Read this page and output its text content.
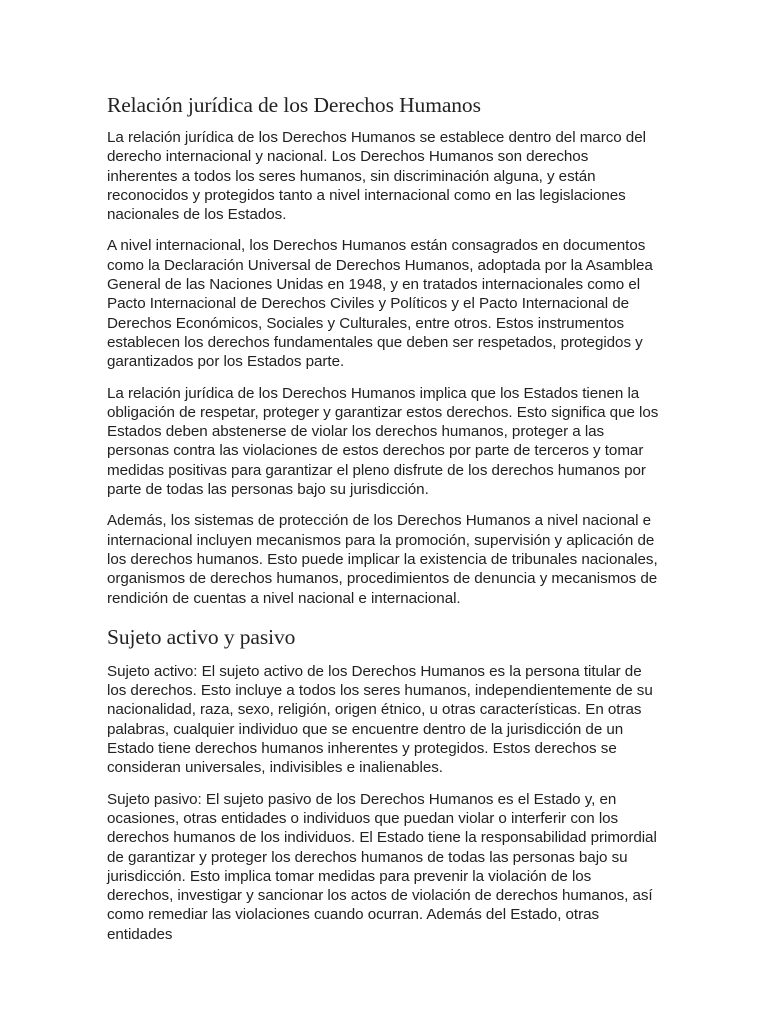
Relación jurídica de los Derechos Humanos

La relación jurídica de los Derechos Humanos se establece dentro del marco del derecho internacional y nacional. Los Derechos Humanos son derechos inherentes a todos los seres humanos, sin discriminación alguna, y están reconocidos y protegidos tanto a nivel internacional como en las legislaciones nacionales de los Estados.

A nivel internacional, los Derechos Humanos están consagrados en documentos como la Declaración Universal de Derechos Humanos, adoptada por la Asamblea General de las Naciones Unidas en 1948, y en tratados internacionales como el Pacto Internacional de Derechos Civiles y Políticos y el Pacto Internacional de Derechos Económicos, Sociales y Culturales, entre otros. Estos instrumentos establecen los derechos fundamentales que deben ser respetados, protegidos y garantizados por los Estados parte.

La relación jurídica de los Derechos Humanos implica que los Estados tienen la obligación de respetar, proteger y garantizar estos derechos. Esto significa que los Estados deben abstenerse de violar los derechos humanos, proteger a las personas contra las violaciones de estos derechos por parte de terceros y tomar medidas positivas para garantizar el pleno disfrute de los derechos humanos por parte de todas las personas bajo su jurisdicción.

Además, los sistemas de protección de los Derechos Humanos a nivel nacional e internacional incluyen mecanismos para la promoción, supervisión y aplicación de los derechos humanos. Esto puede implicar la existencia de tribunales nacionales, organismos de derechos humanos, procedimientos de denuncia y mecanismos de rendición de cuentas a nivel nacional e internacional.

Sujeto activo y pasivo

Sujeto activo: El sujeto activo de los Derechos Humanos es la persona titular de los derechos. Esto incluye a todos los seres humanos, independientemente de su nacionalidad, raza, sexo, religión, origen étnico, u otras características. En otras palabras, cualquier individuo que se encuentre dentro de la jurisdicción de un Estado tiene derechos humanos inherentes y protegidos. Estos derechos se consideran universales, indivisibles e inalienables.

Sujeto pasivo: El sujeto pasivo de los Derechos Humanos es el Estado y, en ocasiones, otras entidades o individuos que puedan violar o interferir con los derechos humanos de los individuos. El Estado tiene la responsabilidad primordial de garantizar y proteger los derechos humanos de todas las personas bajo su jurisdicción. Esto implica tomar medidas para prevenir la violación de los derechos, investigar y sancionar los actos de violación de derechos humanos, así como remediar las violaciones cuando ocurran. Además del Estado, otras entidades
